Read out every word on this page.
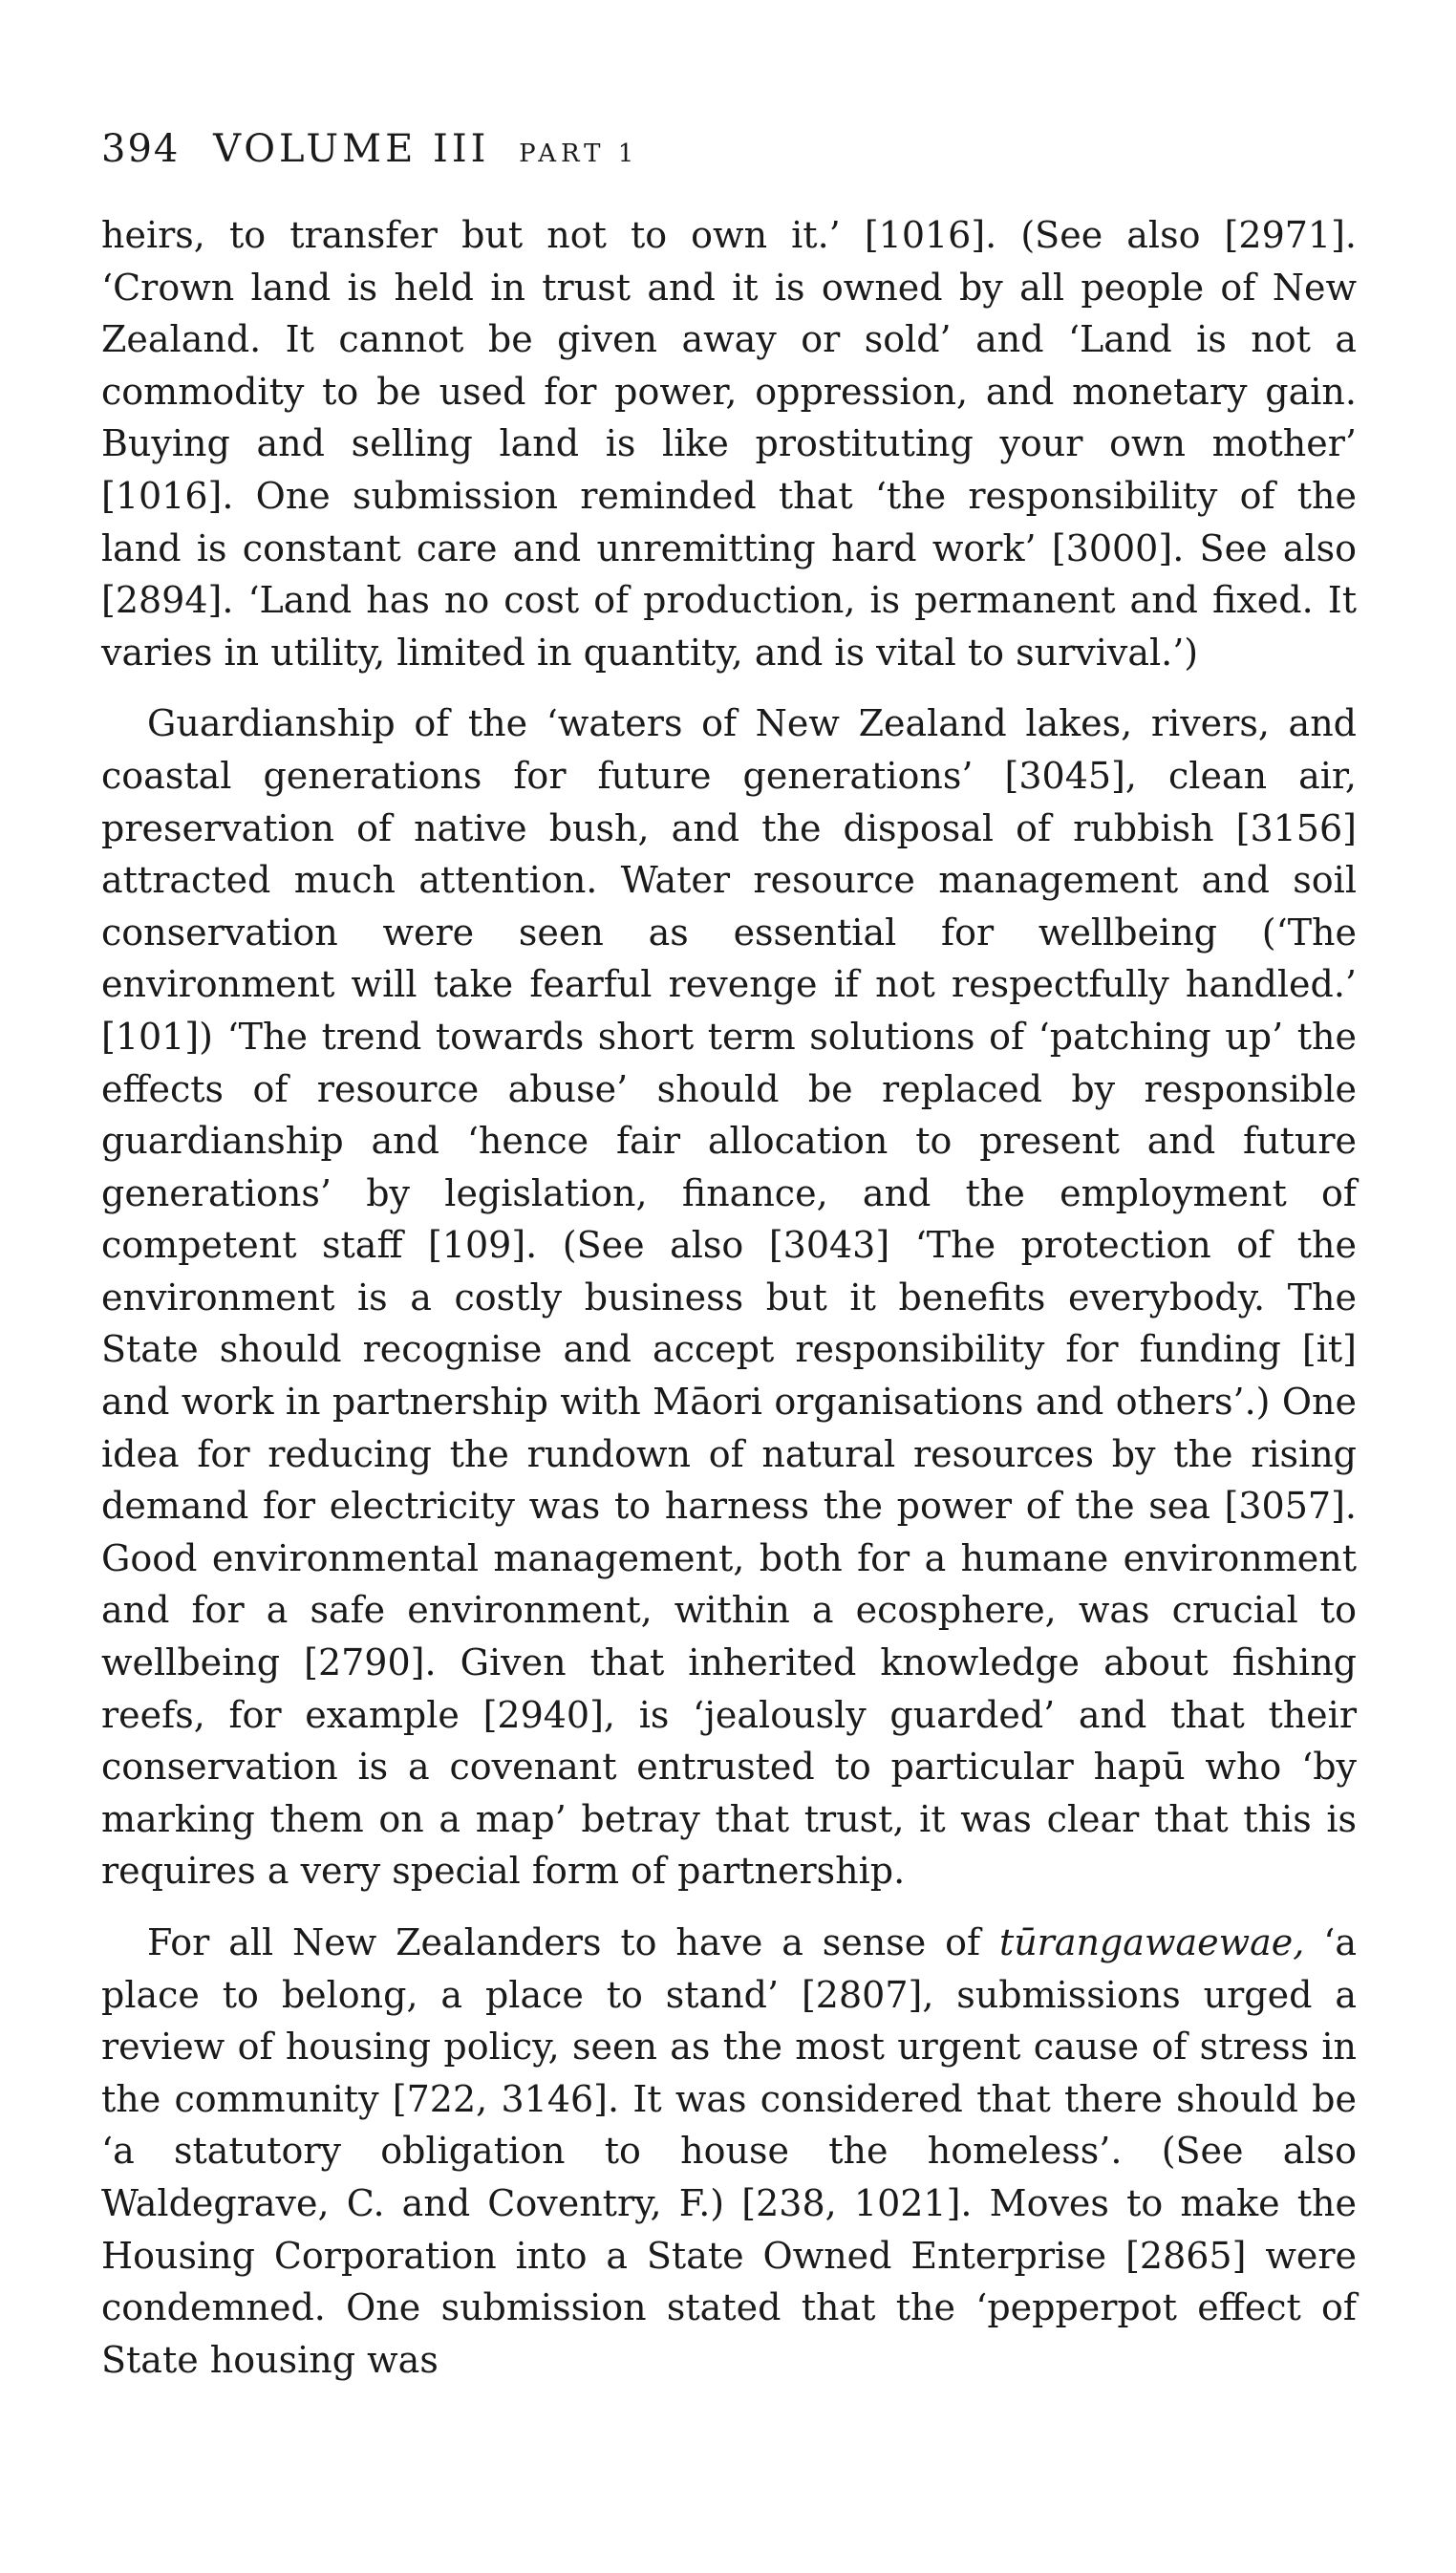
394 VOLUME III PART 1

heirs, to transfer but not to own it.’ [1016]. (See also [2971]. ‘Crown land is held in trust and it is owned by all people of New Zealand. It cannot be given away or sold’ and ‘Land is not a commodity to be used for power, oppression, and monetary gain. Buying and selling land is like prostituting your own mother’ [1016]. One submission reminded that ‘the responsibility of the land is constant care and unremitting hard work’ [3000]. See also [2894]. ‘Land has no cost of production, is permanent and fixed. It varies in utility, limited in quantity, and is vital to survival.’)

Guardianship of the ‘waters of New Zealand lakes, rivers, and coastal generations for future generations’ [3045], clean air, preservation of native bush, and the disposal of rubbish [3156] attracted much attention. Water resource management and soil conservation were seen as essential for wellbeing (‘The environment will take fearful revenge if not respectfully handled.’ [101]) ‘The trend towards short term solutions of ‘patching up’ the effects of resource abuse’ should be replaced by responsible guardianship and ‘hence fair allocation to present and future generations’ by legislation, finance, and the employment of competent staff [109]. (See also [3043] ‘The protection of the environment is a costly business but it benefits everybody. The State should recognise and accept responsibility for funding [it] and work in partnership with Māori organisations and others’.) One idea for reducing the rundown of natural resources by the rising demand for electricity was to harness the power of the sea [3057]. Good environmental management, both for a humane environment and for a safe environment, within a ecosphere, was crucial to wellbeing [2790]. Given that inherited knowledge about fishing reefs, for example [2940], is ‘jealously guarded’ and that their conservation is a covenant entrusted to particular hapū who ‘by marking them on a map’ betray that trust, it was clear that this is requires a very special form of partnership.

For all New Zealanders to have a sense of tūrangawaewae, ‘a place to belong, a place to stand’ [2807], submissions urged a review of housing policy, seen as the most urgent cause of stress in the community [722, 3146]. It was considered that there should be ‘a statutory obligation to house the homeless’. (See also Waldegrave, C. and Coventry, F.) [238, 1021]. Moves to make the Housing Corporation into a State Owned Enterprise [2865] were condemned. One submission stated that the ‘pepperpot effect of State housing was
